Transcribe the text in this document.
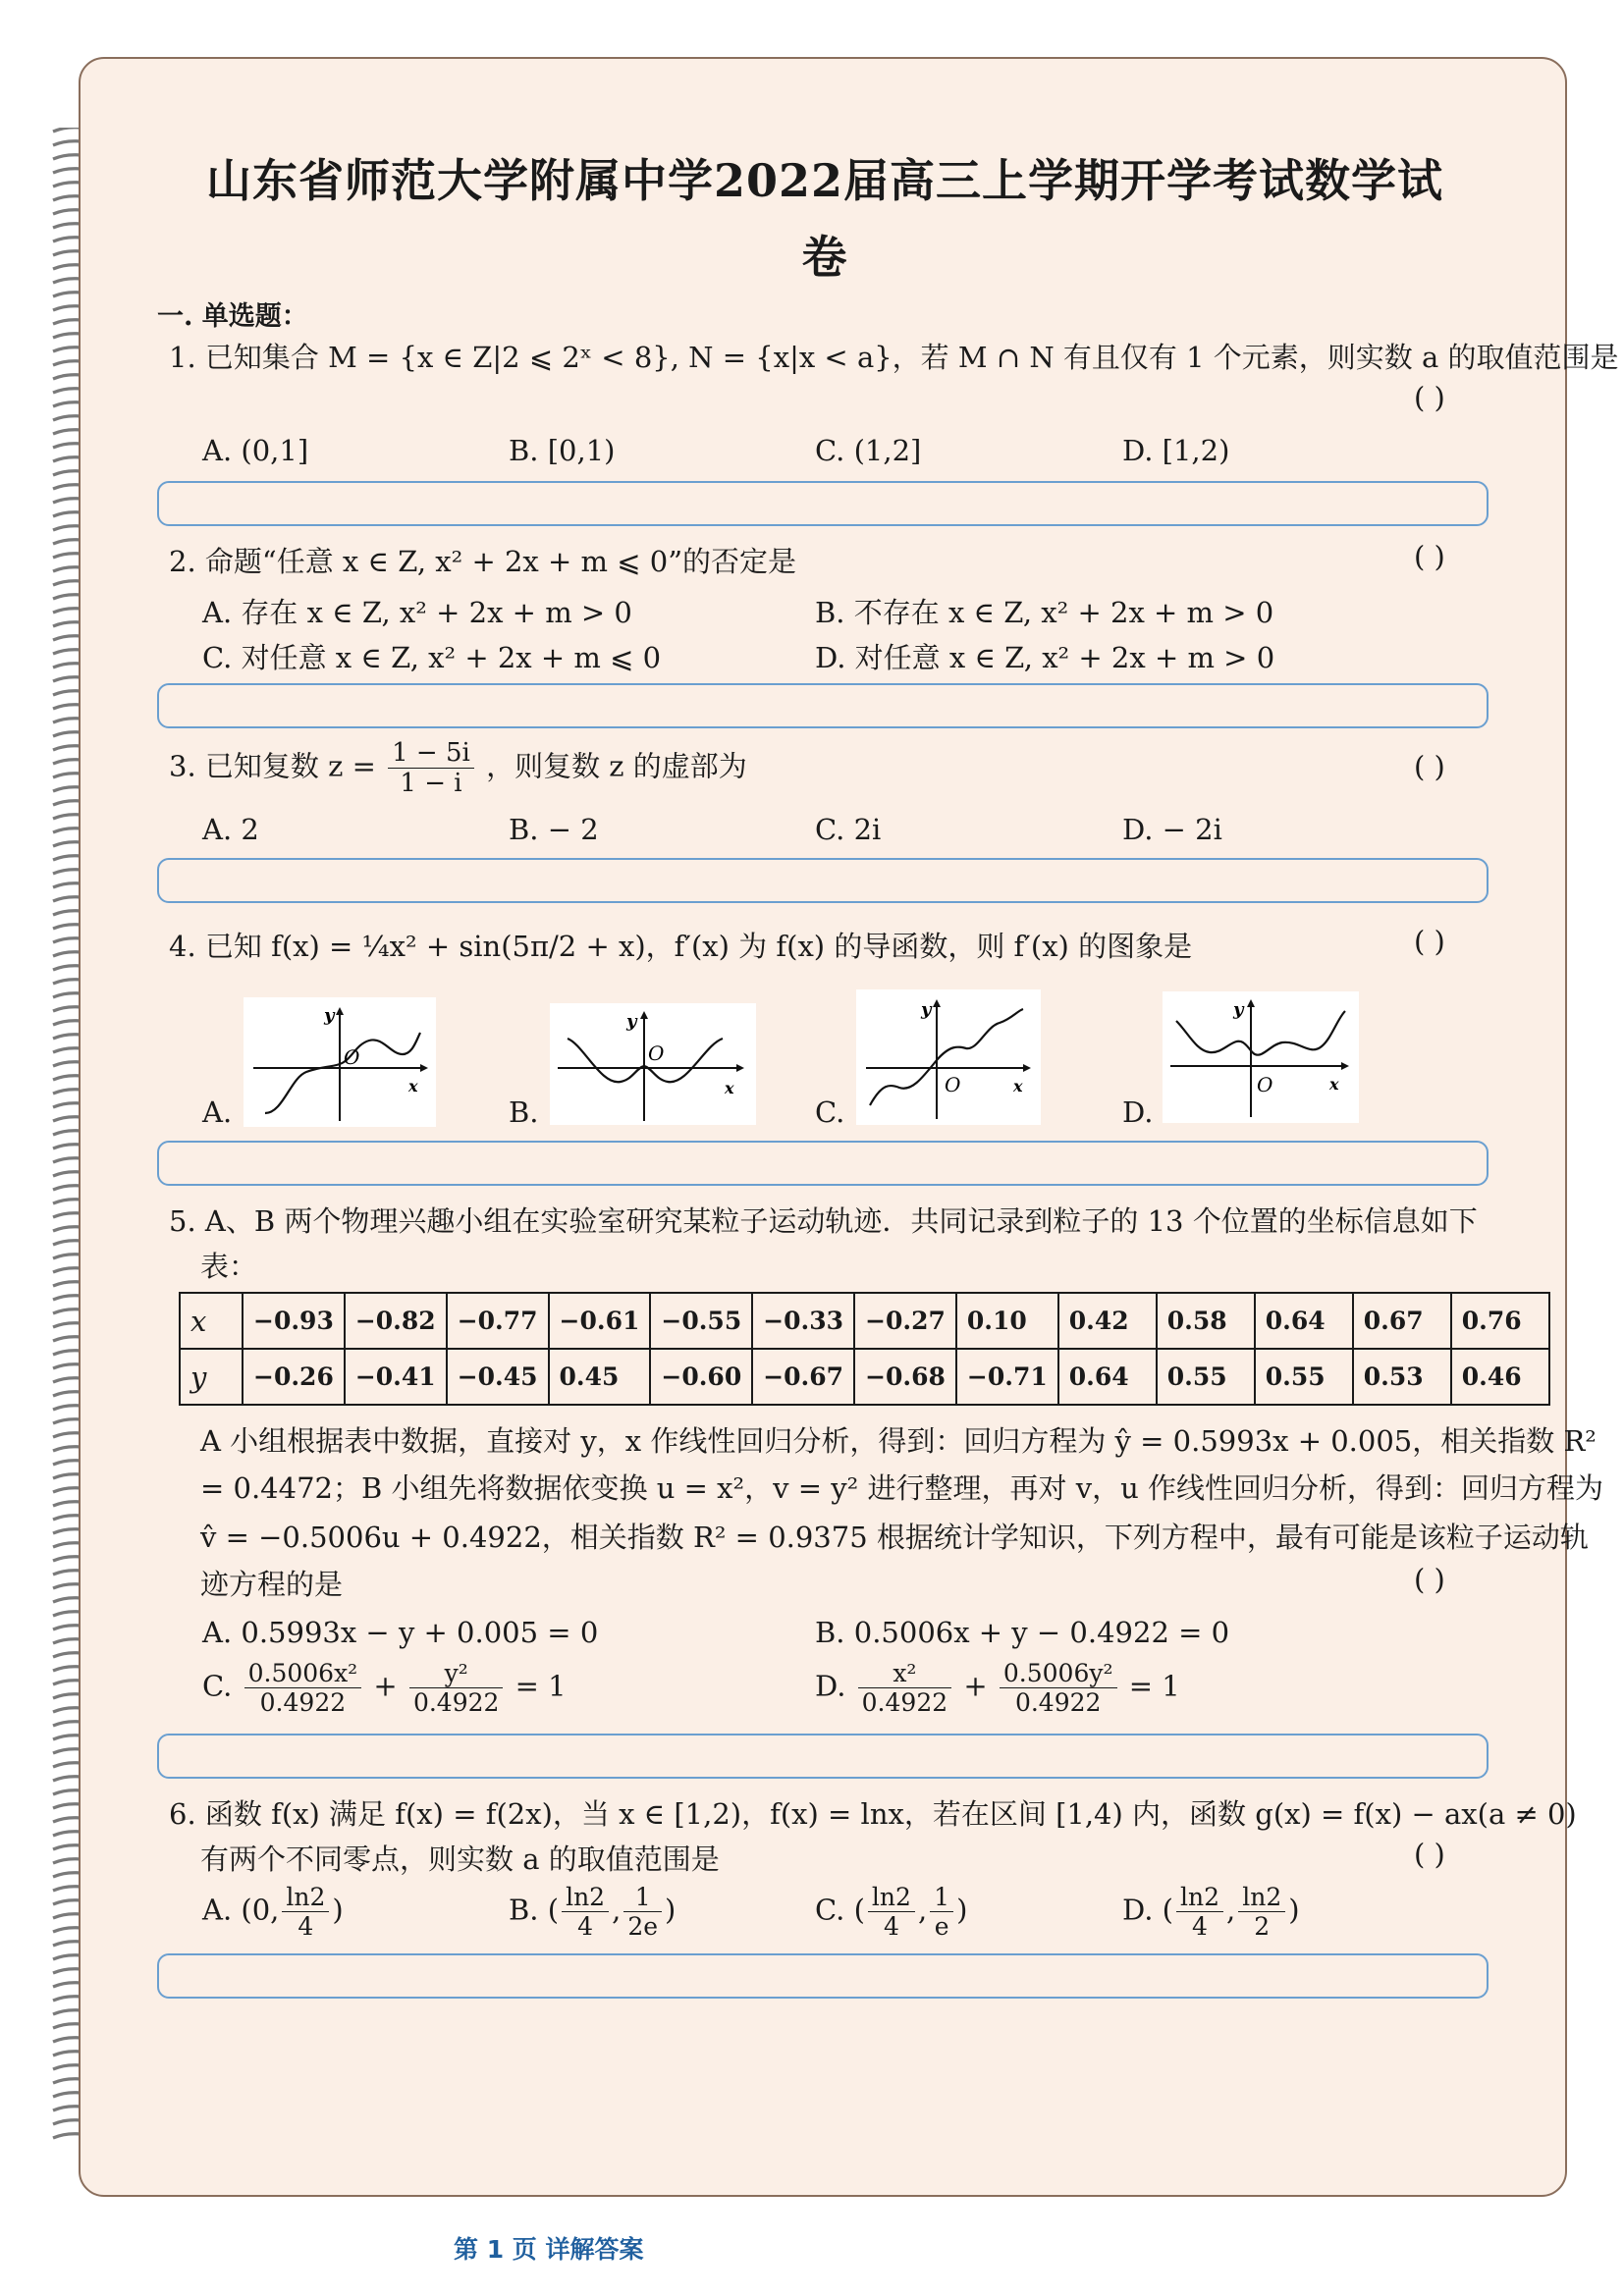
山东省师范大学附属中学2022届高三上学期开学考试数学试
卷
一. 单选题：
1. 已知集合 M = {x ∈ Z|2 ⩽ 2ˣ < 8}, N = {x|x < a}，若 M ∩ N 有且仅有 1 个元素，则实数 a 的取值范围是
( )
A. (0,1]	B. [0,1)	C. (1,2]	D. [1,2)
2. 命题“任意 x ∈ Z, x² + 2x + m ⩽ 0”的否定是	( )
A. 存在 x ∈ Z, x² + 2x + m > 0	B. 不存在 x ∈ Z, x² + 2x + m > 0
C. 对任意 x ∈ Z, x² + 2x + m ⩽ 0	D. 对任意 x ∈ Z, x² + 2x + m > 0
3. 已知复数 $z = \frac{1 - 5i}{1 - i}$ ，则复数 z 的虚部为	( )
A. 2	B. − 2	C. 2i	D. − 2i
4. 已知 f(x) = ¼x² + sin(5π/2 + x)，f′(x) 为 f(x) 的导函数，则 f′(x) 的图象是	( )
A.	B.	C.	D.
y
O
x
y
O
x
y
O	x
y
O	x
5. A、B 两个物理兴趣小组在实验室研究某粒子运动轨迹．共同记录到粒子的 13 个位置的坐标信息如下
表：
x	−0.93	−0.82	−0.77	−0.61	−0.55	−0.33	−0.27	0.10	0.42	0.58	0.64	0.67	0.76
y	−0.26	−0.41	−0.45	0.45	−0.60	−0.67	−0.68	−0.71	0.64	0.55	0.55	0.53	0.46
A 小组根据表中数据，直接对 y，x 作线性回归分析，得到：回归方程为 ŷ = 0.5993x + 0.005，相关指数 R²
= 0.4472；B 小组先将数据依变换 u = x²，v = y² 进行整理，再对 v，u 作线性回归分析，得到：回归方程为
v̂ = −0.5006u + 0.4922，相关指数 R² = 0.9375 根据统计学知识，下列方程中，最有可能是该粒子运动轨
迹方程的是	( )
A. 0.5993x − y + 0.005 = 0	B. 0.5006x + y − 0.4922 = 0
C. $\frac{\text{0.5006x²}}{0.4922} + \frac{\text{y²}}{0.4922} = 1$	D. $\frac{\text{x²}}{0.4922} + \frac{\text{0.5006y²}}{0.4922} = 1$
6. 函数 f(x) 满足 f(x) = f(2x)，当 x ∈ [1,2)，f(x) = lnx，若在区间 [1,4) 内，函数 g(x) = f(x) − ax(a ≠ 0)
有两个不同零点，则实数 a 的取值范围是	( )
A. (0, $\frac{\ln 2}{4}$ )	B. ( $\frac{\ln 2}{4}$ , $\frac{1}{2e}$ )	C. ( $\frac{\ln 2}{4}$ , $\frac{1}{e}$ )	D. ( $\frac{\ln 2}{4}$ , $\frac{\ln 2}{2}$ )
第 1 页 详解答案
